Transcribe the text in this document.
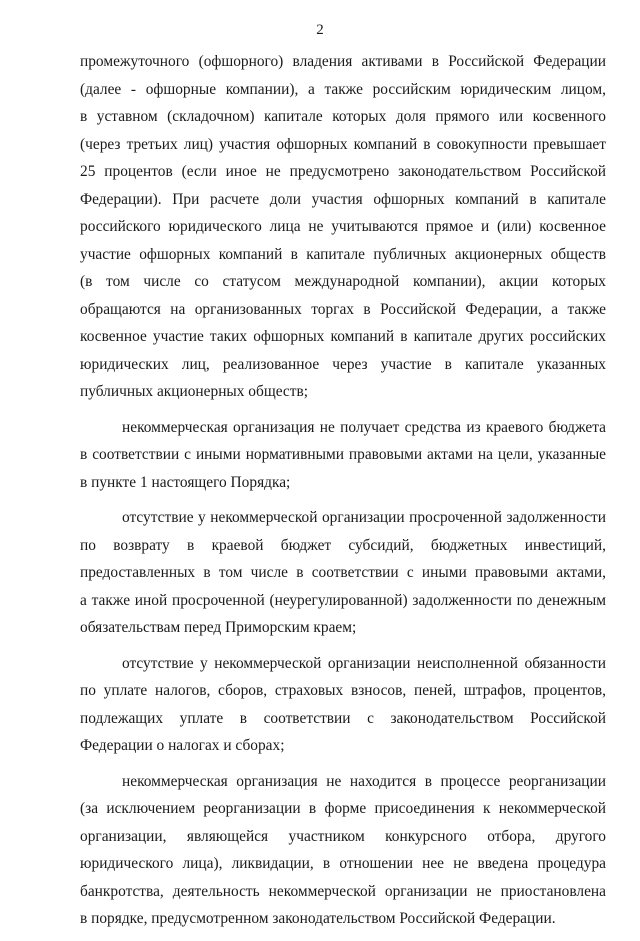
2
промежуточного (офшорного) владения активами в Российской Федерации
(далее - офшорные компании), а также российским юридическим лицом,
в уставном (складочном) капитале которых доля прямого или косвенного
(через третьих лиц) участия офшорных компаний в совокупности превышает
25 процентов (если иное не предусмотрено законодательством Российской
Федерации). При расчете доли участия офшорных компаний в капитале
российского юридического лица не учитываются прямое и (или) косвенное
участие офшорных компаний в капитале публичных акционерных обществ
(в том числе со статусом международной компании), акции которых
обращаются на организованных торгах в Российской Федерации, а также
косвенное участие таких офшорных компаний в капитале других российских
юридических лиц, реализованное через участие в капитале указанных
публичных акционерных обществ;
некоммерческая организация не получает средства из краевого бюджета
в соответствии с иными нормативными правовыми актами на цели, указанные
в пункте 1 настоящего Порядка;
отсутствие у некоммерческой организации просроченной задолженности
по возврату в краевой бюджет субсидий, бюджетных инвестиций,
предоставленных в том числе в соответствии с иными правовыми актами,
а также иной просроченной (неурегулированной) задолженности по денежным
обязательствам перед Приморским краем;
отсутствие у некоммерческой организации неисполненной обязанности
по уплате налогов, сборов, страховых взносов, пеней, штрафов, процентов,
подлежащих уплате в соответствии с законодательством Российской
Федерации о налогах и сборах;
некоммерческая организация не находится в процессе реорганизации
(за исключением реорганизации в форме присоединения к некоммерческой
организации, являющейся участником конкурсного отбора, другого
юридического лица), ликвидации, в отношении нее не введена процедура
банкротства, деятельность некоммерческой организации не приостановлена
в порядке, предусмотренном законодательством Российской Федерации.
